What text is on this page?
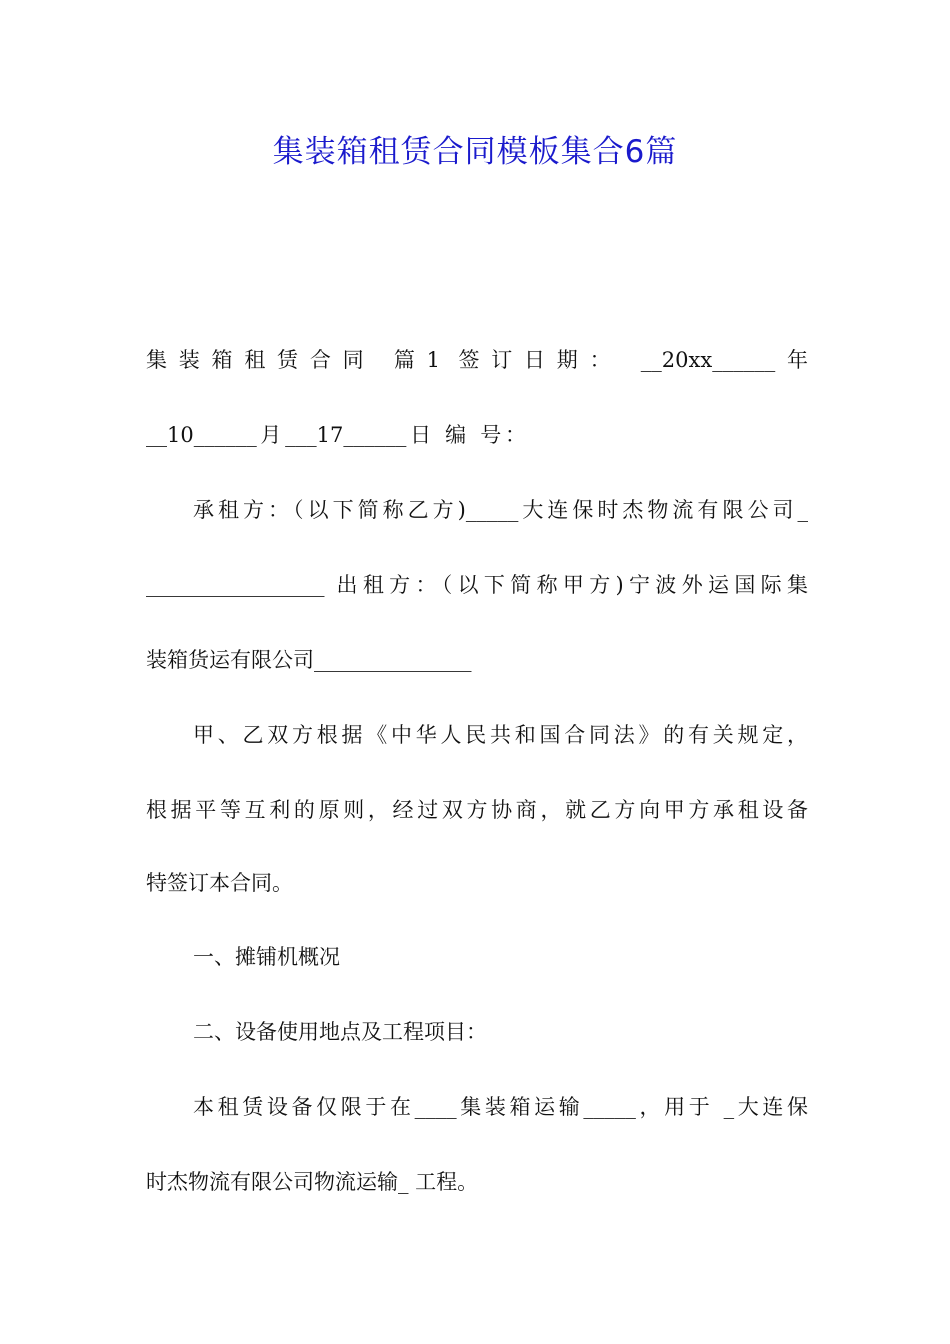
集装箱租赁合同模板集合6篇
集装箱租赁合同 篇1 签订日期： __20xx______年
__10______月___17______日 编 号：
承租方：（以下简称乙方)_____大连保时杰物流有限公司_
_________________ 出租方：（以下简称甲方)宁波外运国际集
装箱货运有限公司_______________
甲、乙双方根据《中华人民共和国合同法》的有关规定，
根据平等互利的原则，经过双方协商，就乙方向甲方承租设备
特签订本合同。
一、摊铺机概况
二、设备使用地点及工程项目：
本租赁设备仅限于在____集装箱运输_____，用于 _大连保
时杰物流有限公司物流运输_ 工程。
